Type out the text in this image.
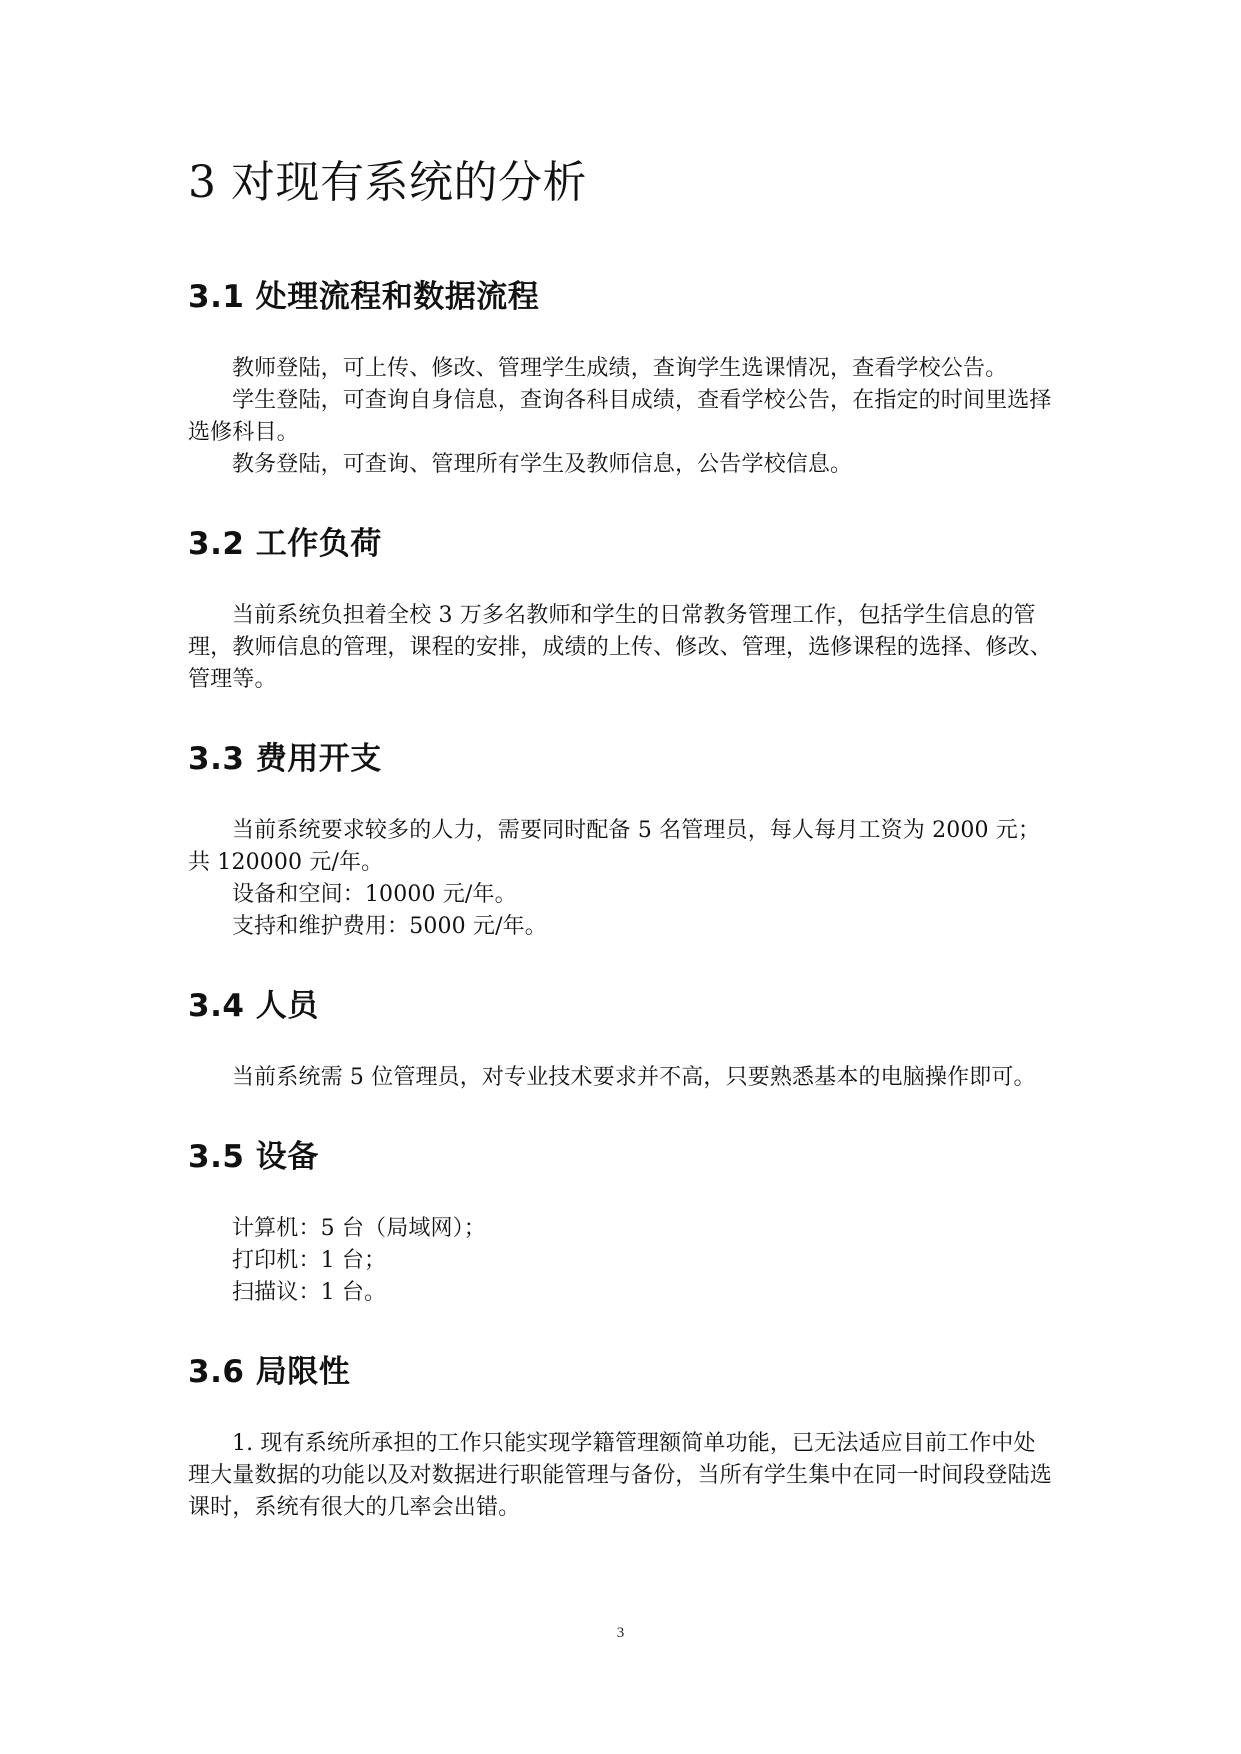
3 对现有系统的分析
3.1 处理流程和数据流程

教师登陆，可上传、修改、管理学生成绩，查询学生选课情况，查看学校公告。

学生登陆，可查询自身信息，查询各科目成绩，查看学校公告，在指定的时间里选择选修科目。

教务登陆，可查询、管理所有学生及教师信息，公告学校信息。

3.2 工作负荷

当前系统负担着全校 3 万多名教师和学生的日常教务管理工作，包括学生信息的管理，教师信息的管理，课程的安排，成绩的上传、修改、管理，选修课程的选择、修改、管理等。

3.3 费用开支

当前系统要求较多的人力，需要同时配备 5 名管理员，每人每月工资为 2000 元；共 120000 元/年。

设备和空间：10000 元/年。

支持和维护费用：5000 元/年。

3.4 人员

当前系统需 5 位管理员，对专业技术要求并不高，只要熟悉基本的电脑操作即可。

3.5 设备

计算机：5 台（局域网）；

打印机：1 台；

扫描议：1 台。

3.6 局限性

1. 现有系统所承担的工作只能实现学籍管理额简单功能，已无法适应目前工作中处理大量数据的功能以及对数据进行职能管理与备份，当所有学生集中在同一时间段登陆选课时，系统有很大的几率会出错。

3
